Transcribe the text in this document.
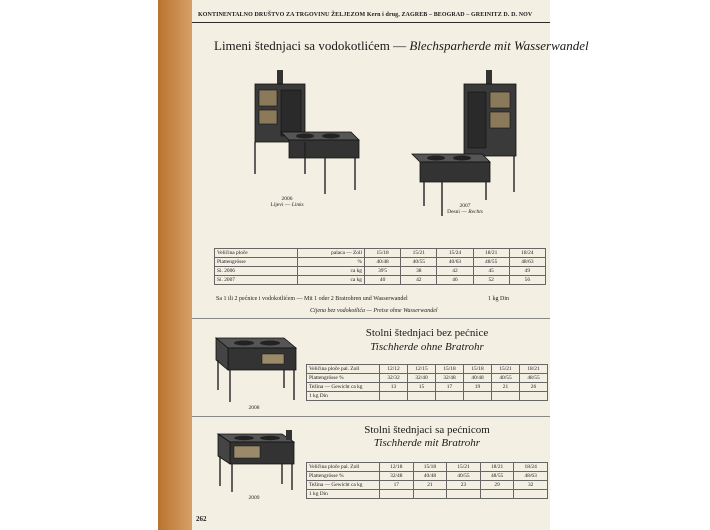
KONTINENTALNO DRUŠTVO ZA TRGOVINU ŽELJEZOM Kern i drug, ZAGREB – BEOGRAD – GREINITZ D. D. NOV
Limeni štednjaci sa vodokotlićem — Blechsparherde mit Wasserwandel
2006
Lijevi — Links	2007
Desni — Rechts
Veličina ploče	palaca — Zoll	15/18	15/21	15/24	18/21	18/24
Plattengrösse	%	40/48	40/55	40/63	48/55	48/63
Si. 2006	ca kg	39'5	38	42	45	49
Si. 2007	ca kg	40	42	46	52	56
Sa 1 ili 2 pećnice i vodokotlićem — Mit 1 oder 2 Bratrohren und Wasserwandel	1 kg Din
Cijena bez vodokotlića — Preise ohne Wasserwandel
Stolni štednjaci bez pećnice
Tischherde ohne Bratrohr
2008
Veličina ploče pal. Zoll	12/12	12/15	15/18	15/18	15/21	18/21
Plattengrösse %	32/32	32/40	32/48	40/48	40/55	48/55
Težina — Gewicht ca kg	13	15	17	19	21	26
1 kg Din						
Stolni štednjaci sa pećnicom
Tischherde mit Bratrohr
2009
Veličina ploče pal. Zoll	12/18	15/18	15/21	18/21	18/24
Plattengrösse %	32/48	40/48	40/55	48/55	48/63
Težina — Gewicht ca kg	17	21	23	29	32
1 kg Din					
262
